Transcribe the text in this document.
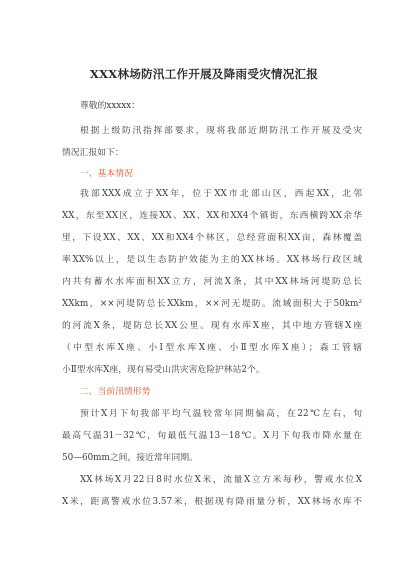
XXX林场防汛工作开展及降雨受灾情况汇报
尊敬的xxxxx：
根据上级防汛指挥部要求，现将我部近期防汛工作开展及受灾
情况汇报如下：
一、基本情况
我部XXX成立于XX年，位于XX市北部山区，西起XX，北邻
XX，东至XX区，连接XX、XX、XX和XX4个镇街，东西横跨XX余华
里，下设XX、XX、XX和XX4个林区，总经营面积XX亩，森林覆盖
率XX%以上，是以生态防护效能为主的XX林场。XX林场行政区域
内共有蓄水水库面积XX立方，河流X条，其中XX林场河堤防总长
XXkm，××河堤防总长XXkm，××河无堤防。流域面积大于50km²
的河流X条，堤防总长XX公里。现有水库X座，其中地方管辖X座
（中型水库X座、小Ⅰ型水库X座、小Ⅱ型水库X座）；森工管辖
小Ⅱ型水库X座，现有易受山洪灾害危险护林站2个。
二、当前汛情形势
预计X月下旬我部平均气温较常年同期偏高，在22℃左右，旬
最高气温31－32℃，旬最低气温13－18℃。X月下旬我市降水量在
50—60mm之间，接近常年同期。
XX林场X月22日8时水位X米，流量X立方米每秒，警戒水位X
X米，距离警戒水位3.57米，根据现有降雨量分析，XX林场水库不
